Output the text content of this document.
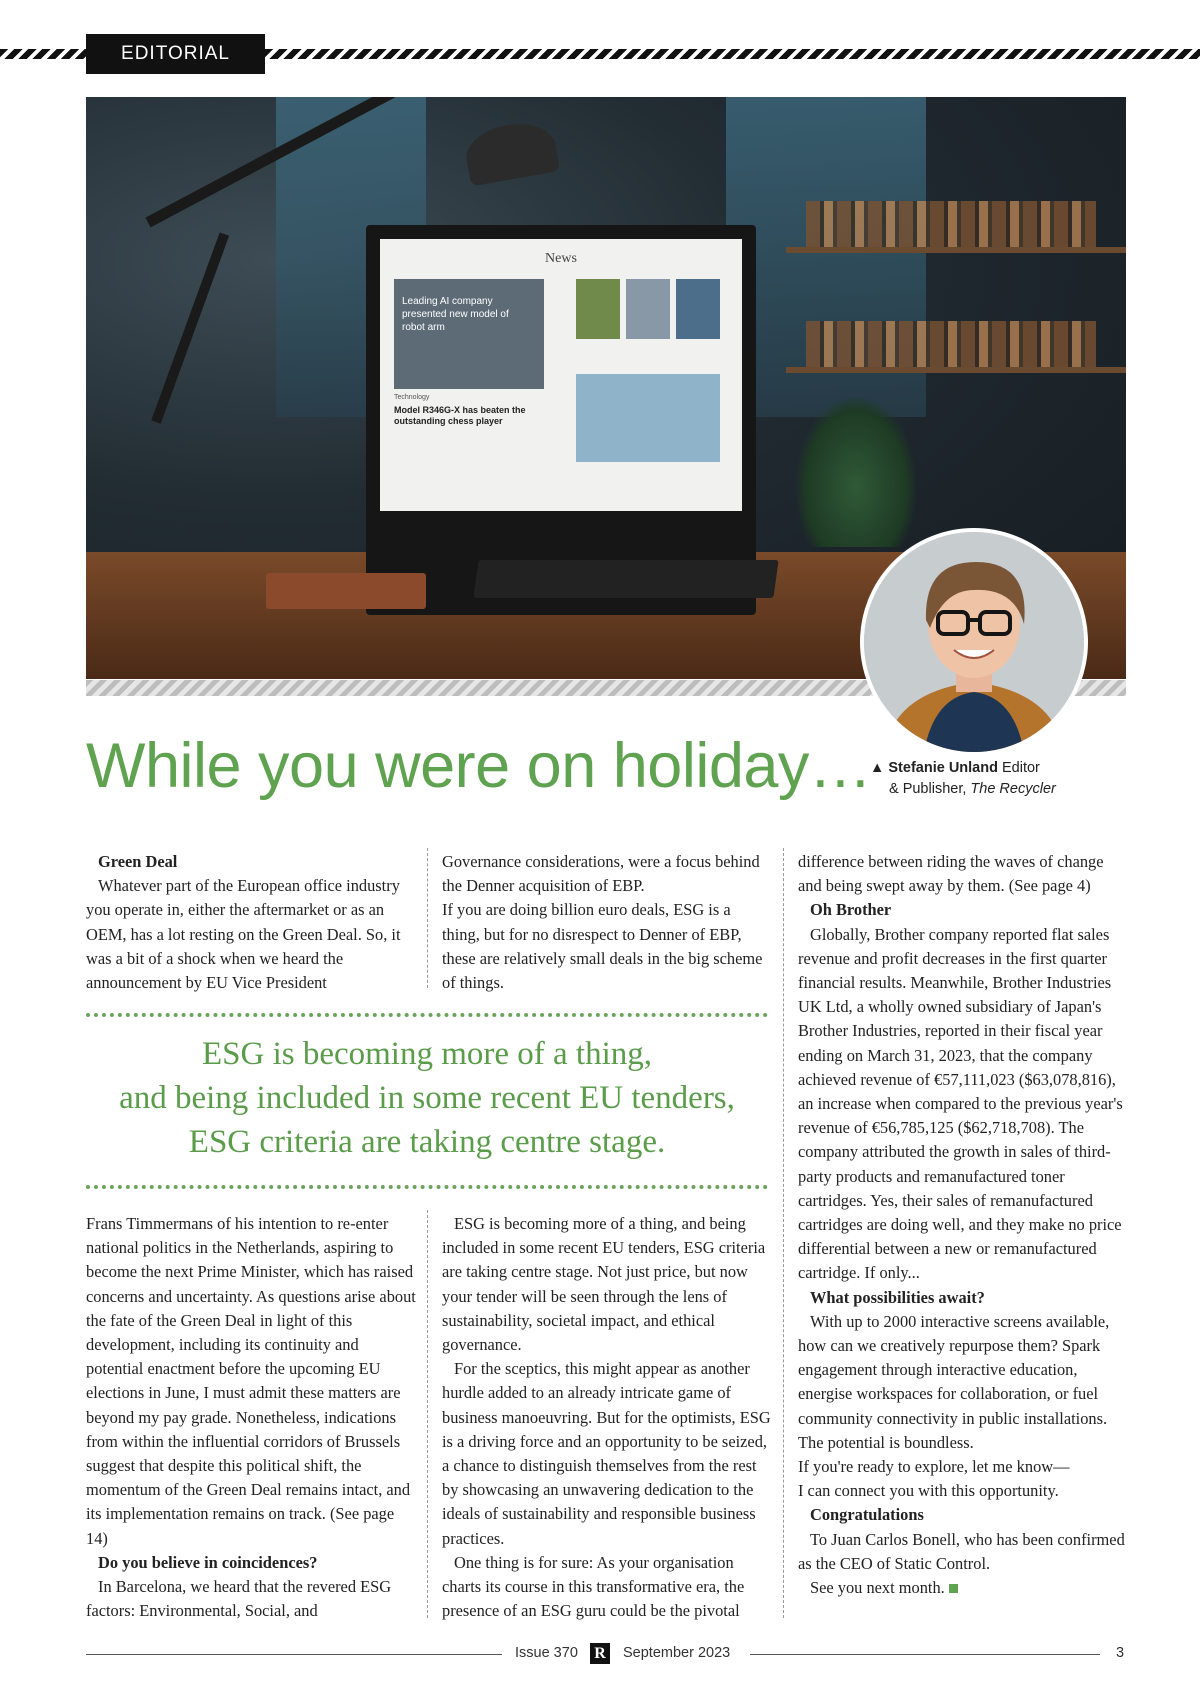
EDITORIAL
News
Leading AI company presented new model of robot arm
Technology
Model R346G-X has beaten the outstanding chess player
▲ Stefanie Unland Editor
& Publisher, The Recycler
While you were on holiday…

Green Deal

Whatever part of the European office industry you operate in, either the aftermarket or as an OEM, has a lot resting on the Green Deal. So, it was a bit of a shock when we heard the announcement by EU Vice President

Governance considerations, were a focus behind the Denner acquisition of EBP.

If you are doing billion euro deals, ESG is a thing, but for no disrespect to Denner of EBP, these are relatively small deals in the big scheme of things.

ESG is becoming more of a thing,
and being included in some recent EU tenders,
ESG criteria are taking centre stage.

Frans Timmermans of his intention to re-enter national politics in the Netherlands, aspiring to become the next Prime Minister, which has raised concerns and uncertainty. As questions arise about the fate of the Green Deal in light of this development, including its continuity and potential enactment before the upcoming EU elections in June, I must admit these matters are beyond my pay grade. Nonetheless, indications from within the influential corridors of Brussels suggest that despite this political shift, the momentum of the Green Deal remains intact, and its implementation remains on track. (See page 14)

Do you believe in coincidences?

In Barcelona, we heard that the revered ESG factors: Environmental, Social, and

ESG is becoming more of a thing, and being included in some recent EU tenders, ESG criteria are taking centre stage. Not just price, but now your tender will be seen through the lens of sustainability, societal impact, and ethical governance.

For the sceptics, this might appear as another hurdle added to an already intricate game of business manoeuvring. But for the optimists, ESG is a driving force and an opportunity to be seized, a chance to distinguish themselves from the rest by showcasing an unwavering dedication to the ideals of sustainability and responsible business practices.

One thing is for sure: As your organisation charts its course in this transformative era, the presence of an ESG guru could be the pivotal

difference between riding the waves of change and being swept away by them. (See page 4)

Oh Brother

Globally, Brother company reported flat sales revenue and profit decreases in the first quarter financial results. Meanwhile, Brother Industries UK Ltd, a wholly owned subsidiary of Japan's Brother Industries, reported in their fiscal year ending on March 31, 2023, that the company achieved revenue of €57,111,023 ($63,078,816), an increase when compared to the previous year's revenue of €56,785,125 ($62,718,708). The company attributed the growth in sales of third-party products and remanufactured toner cartridges. Yes, their sales of remanufactured cartridges are doing well, and they make no price differential between a new or remanufactured cartridge. If only...

What possibilities await?

With up to 2000 interactive screens available, how can we creatively repurpose them? Spark engagement through interactive education, energise workspaces for collaboration, or fuel community connectivity in public installations. The potential is boundless.

If you're ready to explore, let me know—

I can connect you with this opportunity.

Congratulations

To Juan Carlos Bonell, who has been confirmed as the CEO of Static Control.

See you next month.

Issue 370 R September 2023	3
